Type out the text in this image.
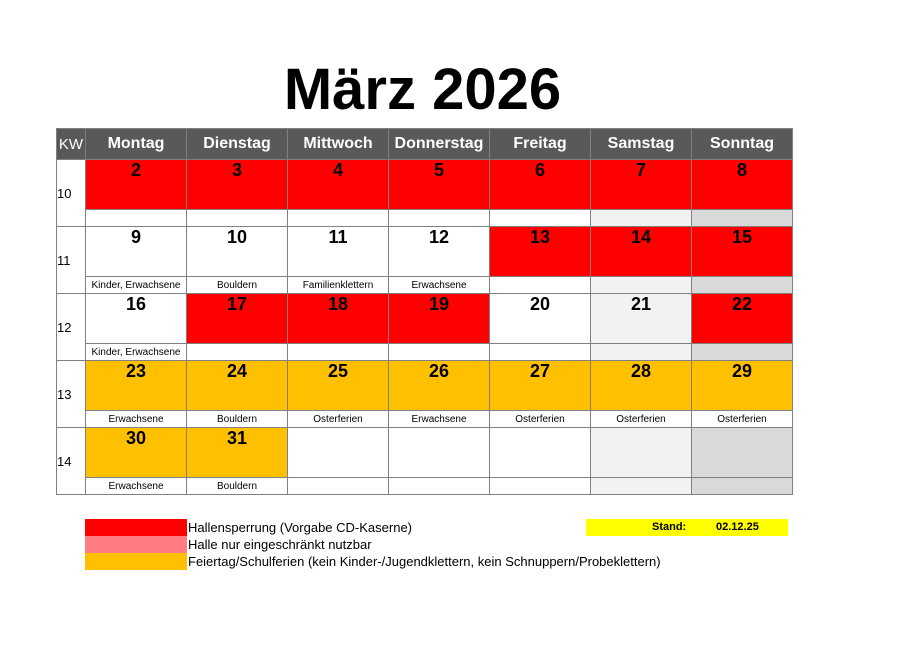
März 2026
KW	Montag	Dienstag	Mittwoch	Donnerstag	Freitag	Samstag	Sonntag
10	2	3	4	5	6	7	8

11	9	10	11	12	13	14	15
	Kinder, Erwachsene	Bouldern	Familienklettern	Erwachsene			
12	16	17	18	19	20	21	22
	Kinder, Erwachsene						
13	23	24	25	26	27	28	29
	Erwachsene	Bouldern	Osterferien	Erwachsene	Osterferien	Osterferien	Osterferien
14	30	31					
	Erwachsene	Bouldern					
Hallensperrung (Vorgabe CD-Kaserne)
Halle nur eingeschränkt nutzbar
Feiertag/Schulferien (kein Kinder-/Jugendklettern, kein Schnuppern/Probeklettern)
Stand:	02.12.25
